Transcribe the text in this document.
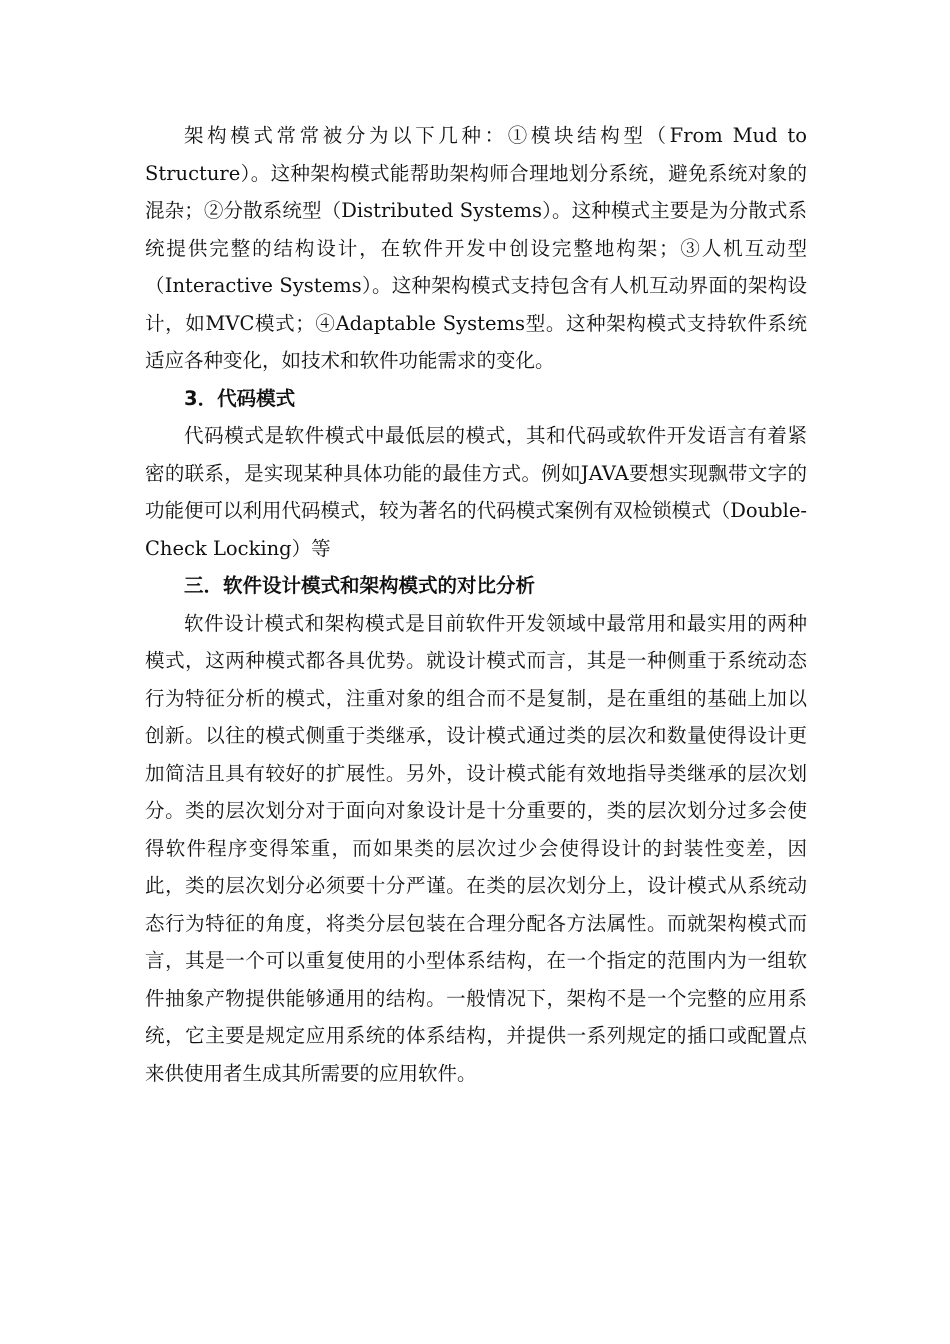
架构模式常常被分为以下几种：①模块结构型（From Mud to Structure）。这种架构模式能帮助架构师合理地划分系统，避免系统对象的混杂；②分散系统型（Distributed Systems）。这种模式主要是为分散式系统提供完整的结构设计，在软件开发中创设完整地构架；③人机互动型（Interactive Systems）。这种架构模式支持包含有人机互动界面的架构设计，如MVC模式；④Adaptable Systems型。这种架构模式支持软件系统适应各种变化，如技术和软件功能需求的变化。

3．代码模式

代码模式是软件模式中最低层的模式，其和代码或软件开发语言有着紧密的联系，是实现某种具体功能的最佳方式。例如JAVA要想实现飘带文字的功能便可以利用代码模式，较为著名的代码模式案例有双检锁模式（Double-Check Locking）等

三．软件设计模式和架构模式的对比分析

软件设计模式和架构模式是目前软件开发领域中最常用和最实用的两种模式，这两种模式都各具优势。就设计模式而言，其是一种侧重于系统动态行为特征分析的模式，注重对象的组合而不是复制，是在重组的基础上加以创新。以往的模式侧重于类继承，设计模式通过类的层次和数量使得设计更加简洁且具有较好的扩展性。另外，设计模式能有效地指导类继承的层次划分。类的层次划分对于面向对象设计是十分重要的，类的层次划分过多会使得软件程序变得笨重，而如果类的层次过少会使得设计的封装性变差，因此，类的层次划分必须要十分严谨。在类的层次划分上，设计模式从系统动态行为特征的角度，将类分层包装在合理分配各方法属性。而就架构模式而言，其是一个可以重复使用的小型体系结构，在一个指定的范围内为一组软件抽象产物提供能够通用的结构。一般情况下，架构不是一个完整的应用系统，它主要是规定应用系统的体系结构，并提供一系列规定的插口或配置点来供使用者生成其所需要的应用软件。
